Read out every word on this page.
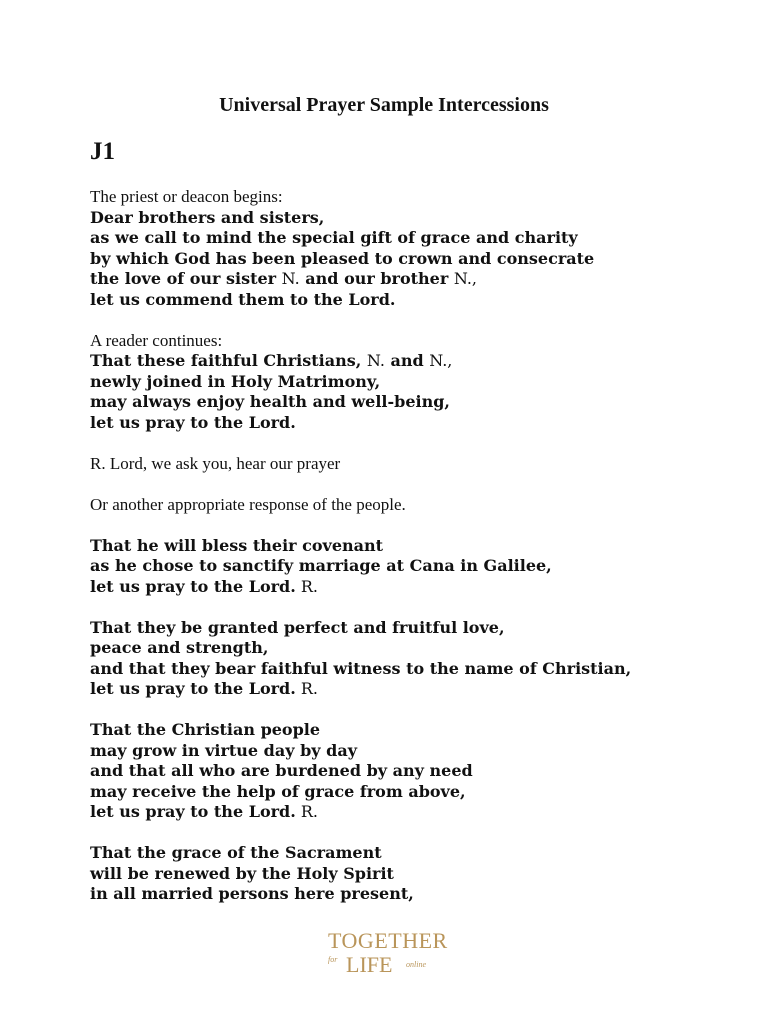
Universal Prayer Sample Intercessions
J1
The priest or deacon begins:
Dear brothers and sisters,
as we call to mind the special gift of grace and charity
by which God has been pleased to crown and consecrate
the love of our sister N. and our brother N.,
let us commend them to the Lord.
A reader continues:
That these faithful Christians, N. and N.,
newly joined in Holy Matrimony,
may always enjoy health and well-being,
let us pray to the Lord.
R. Lord, we ask you, hear our prayer
Or another appropriate response of the people.
That he will bless their covenant
as he chose to sanctify marriage at Cana in Galilee,
let us pray to the Lord. R.
That they be granted perfect and fruitful love,
peace and strength,
and that they bear faithful witness to the name of Christian,
let us pray to the Lord. R.
That the Christian people
may grow in virtue day by day
and that all who are burdened by any need
may receive the help of grace from above,
let us pray to the Lord. R.
That the grace of the Sacrament
will be renewed by the Holy Spirit
in all married persons here present,
TOGETHER
for LIFE online
